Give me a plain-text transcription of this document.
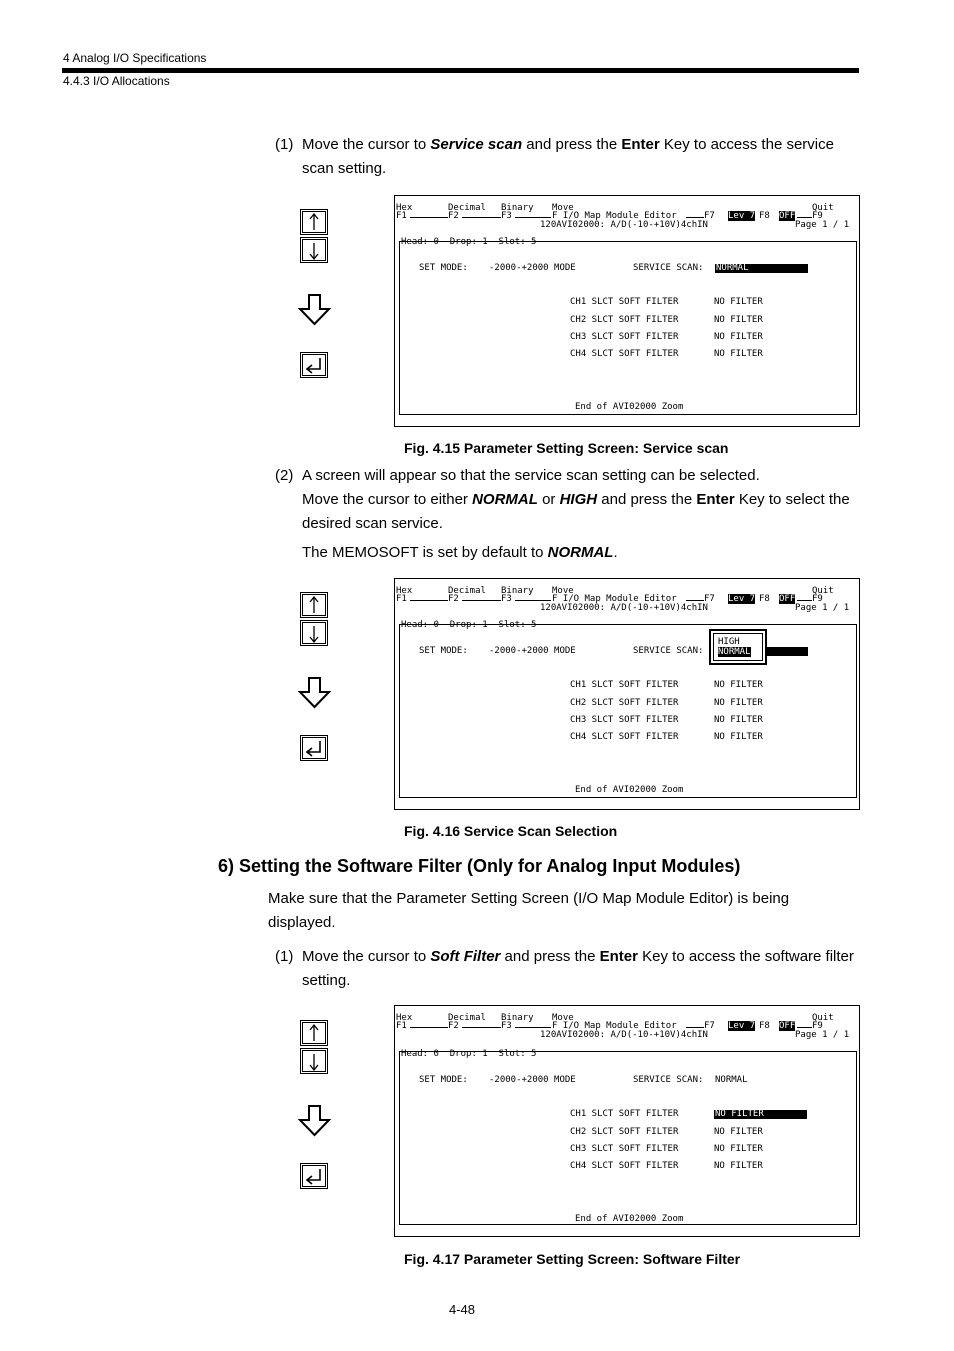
4 Analog I/O Specifications
4.4.3 I/O Allocations
(1) Move the cursor to Service scan and press the Enter Key to access the service scan setting.
Hex	Decimal Binary Move	Quit
F1	F2	F3	F I/O Map Module Editor	F7 Lev 7 F8 OFF F9
120AVI02000: A/D(-10-+10V)4chIN	Page 1 / 1
Head: 0  Drop: 1  Slot: 5
SET MODE: -2000-+2000 MODE	SERVICE SCAN: NORMAL
CH1 SLCT SOFT FILTER	NO FILTER
CH2 SLCT SOFT FILTER	NO FILTER
CH3 SLCT SOFT FILTER	NO FILTER
CH4 SLCT SOFT FILTER	NO FILTER
End of AVI02000 Zoom
Fig. 4.15 Parameter Setting Screen: Service scan
(2) A screen will appear so that the service scan setting can be selected.
Move the cursor to either NORMAL or HIGH and press the Enter Key to select the desired scan service.
The MEMOSOFT is set by default to NORMAL.
Hex	Decimal Binary Move	Quit
F1	F2	F3	F I/O Map Module Editor	F7 Lev 7 F8 OFF F9
120AVI02000: A/D(-10-+10V)4chIN	Page 1 / 1
Head: 0  Drop: 1  Slot: 5
SET MODE: -2000-+2000 MODE	SERVICE SCAN:
HIGH
NORMAL
CH1 SLCT SOFT FILTER	NO FILTER
CH2 SLCT SOFT FILTER	NO FILTER
CH3 SLCT SOFT FILTER	NO FILTER
CH4 SLCT SOFT FILTER	NO FILTER
End of AVI02000 Zoom
Fig. 4.16 Service Scan Selection
6) Setting the Software Filter (Only for Analog Input Modules)
Make sure that the Parameter Setting Screen (I/O Map Module Editor) is being displayed.
(1) Move the cursor to Soft Filter and press the Enter Key to access the software filter setting.
Hex	Decimal Binary Move	Quit
F1	F2	F3	F I/O Map Module Editor	F7 Lev 7 F8 OFF F9
120AVI02000: A/D(-10-+10V)4chIN	Page 1 / 1
Head: 0  Drop: 1  Slot: 5
SET MODE: -2000-+2000 MODE	SERVICE SCAN: NORMAL
CH1 SLCT SOFT FILTER	NO FILTER
CH2 SLCT SOFT FILTER	NO FILTER
CH3 SLCT SOFT FILTER	NO FILTER
CH4 SLCT SOFT FILTER	NO FILTER
End of AVI02000 Zoom
Fig. 4.17 Parameter Setting Screen: Software Filter
4-48
